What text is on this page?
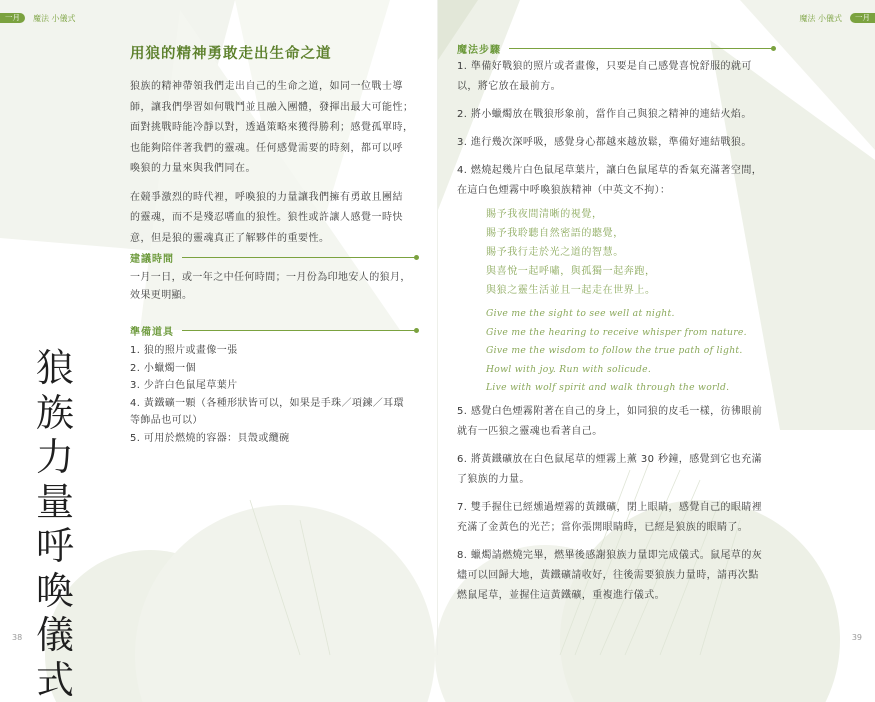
一月	魔法 小儀式	魔法 小儀式	一月
38	39
狼
族
力
量
呼
喚
儀
式
用狼的精神勇敢走出生命之道

狼族的精神帶領我們走出自己的生命之道，如同一位戰士導
師，讓我們學習如何戰鬥並且融入團體，發揮出最大可能性；
面對挑戰時能冷靜以對，透過策略來獲得勝利；感覺孤單時，
也能夠陪伴著我們的靈魂。任何感覺需要的時刻，都可以呼
喚狼的力量來與我們同在。

在競爭激烈的時代裡，呼喚狼的力量讓我們擁有勇敢且團結
的靈魂，而不是殘忍嗜血的狼性。狼性或許讓人感覺一時快
意，但是狼的靈魂真正了解夥伴的重要性。

建議時間
一月一日，或一年之中任何時間；一月份為印地安人的狼月，
效果更明顯。
準備道具
1. 狼的照片或畫像一張
2. 小蠟燭一個
3. 少許白色鼠尾草葉片
4. 黃鐵礦一顆（各種形狀皆可以，如果是手珠／項鍊／耳環
等飾品也可以）
5. 可用於燃燒的容器：貝殼或纜碗
魔法步驟
1. 準備好戰狼的照片或者畫像，只要是自己感覺喜悅舒服的就可
以，將它放在最前方。
2. 將小蠟燭放在戰狼形象前，當作自己與狼之精神的連結火焰。
3. 進行幾次深呼吸，感覺身心都越來越放鬆，準備好連結戰狼。
4. 燃燒起幾片白色鼠尾草葉片，讓白色鼠尾草的香氣充滿著空間，
在這白色煙霧中呼喚狼族精神（中英文不拘）：
賜予我夜間清晰的視覺，
賜予我聆聽自然密語的聽覺，
賜予我行走於光之道的智慧。
與喜悅一起呼嘯，與孤獨一起奔跑，
與狼之靈生活並且一起走在世界上。
Give me the sight to see well at night.
Give me the hearing to receive whisper from nature.
Give me the wisdom to follow the true path of light.
Howl with joy. Run with solicude.
Live with wolf spirit and walk through the world.
5. 感覺白色煙霧附著在自己的身上，如同狼的皮毛一樣，彷彿眼前
就有一匹狼之靈魂也看著自己。
6. 將黃鐵礦放在白色鼠尾草的煙霧上薰 30 秒鐘，感覺到它也充滿
了狼族的力量。
7. 雙手握住已經燻過煙霧的黃鐵礦，閉上眼睛，感覺自己的眼睛裡
充滿了金黃色的光芒；當你張開眼睛時，已經是狼族的眼睛了。
8. 蠟燭請燃燒完畢，燃畢後感謝狼族力量即完成儀式。鼠尾草的灰
燼可以回歸大地，黃鐵礦請收好，往後需要狼族力量時，請再次點
燃鼠尾草，並握住這黃鐵礦，重複進行儀式。
